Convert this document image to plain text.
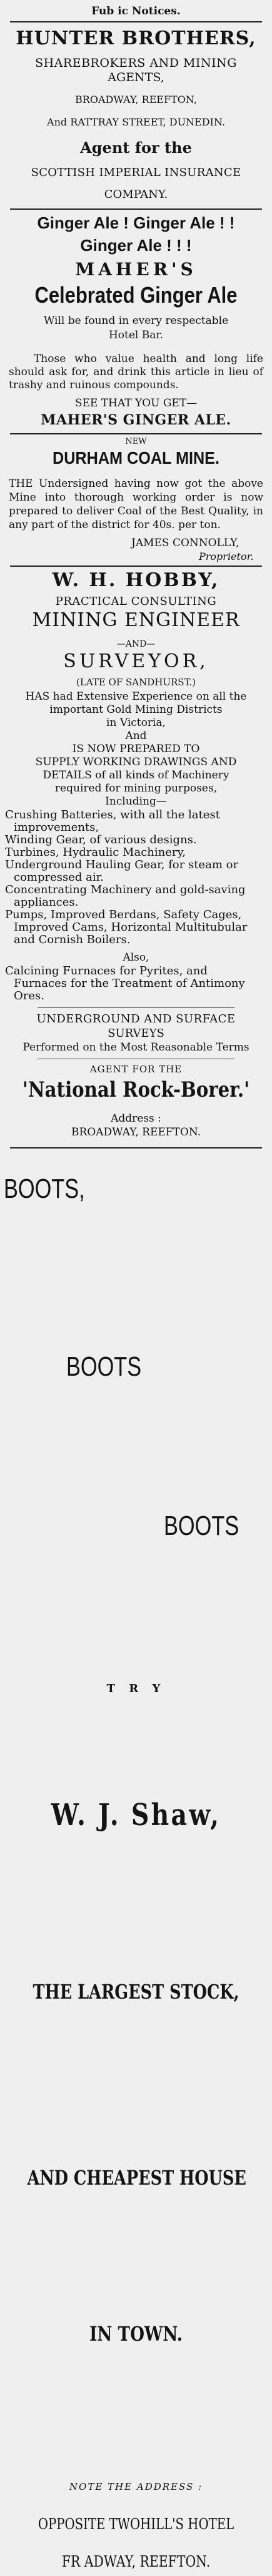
Fub ic Notices.
HUNTER BROTHERS,
SHAREBROKERS AND MINING
AGENTS,
BROADWAY, REEFTON,
And RATTRAY STREET, DUNEDIN.
Agent for the
SCOTTISH IMPERIAL INSURANCE
COMPANY.
Ginger Ale ! Ginger Ale ! !
Ginger Ale ! ! !
MAHER'S
Celebrated Ginger Ale
Will be found in every respectable
Hotel Bar.
Those who value health and long life should ask for, and drink this article in lieu of trashy and ruinous compounds.
SEE THAT YOU GET—
MAHER'S GINGER ALE.
NEW
DURHAM COAL MINE.
THE Undersigned having now got the above Mine into thorough working order is now prepared to deliver Coal of the Best Quality, in any part of the district for 40s. per ton.
JAMES CONNOLLY,
Proprietor.
W. H. HOBBY,
PRACTICAL CONSULTING
MINING ENGINEER
—AND—
SURVEYOR,
(LATE OF SANDHURST.)
HAS had Extensive Experience on all the
important Gold Mining Districts
in Victoria,
And
IS NOW PREPARED TO
SUPPLY WORKING DRAWINGS AND
DETAILS of all kinds of Machinery
required for mining purposes,
Including—
Crushing Batteries, with all the latest improvements,
Winding Gear, of various designs.
Turbines, Hydraulic Machinery,
Underground Hauling Gear, for steam or compressed air.
Concentrating Machinery and gold-saving appliances.
Pumps, Improved Berdans, Safety Cages, Improved Cams, Horizontal Multitubular and Cornish Boilers.
Also,
Calcining Furnaces for Pyrites, and Furnaces for the Treatment of Antimony Ores.
UNDERGROUND AND SURFACE
SURVEYS
Performed on the Most Reasonable Terms
AGENT FOR THE
'National Rock-Borer.'
Address :
BROADWAY, REEFTON.
BOOTS,
BOOTS
BOOTS
T R Y
W. J. Shaw,
THE LARGEST STOCK,
AND CHEAPEST HOUSE
IN TOWN.
NOTE THE ADDRESS :
OPPOSITE TWOHILL'S HOTEL
FR ADWAY, REEFTON.
